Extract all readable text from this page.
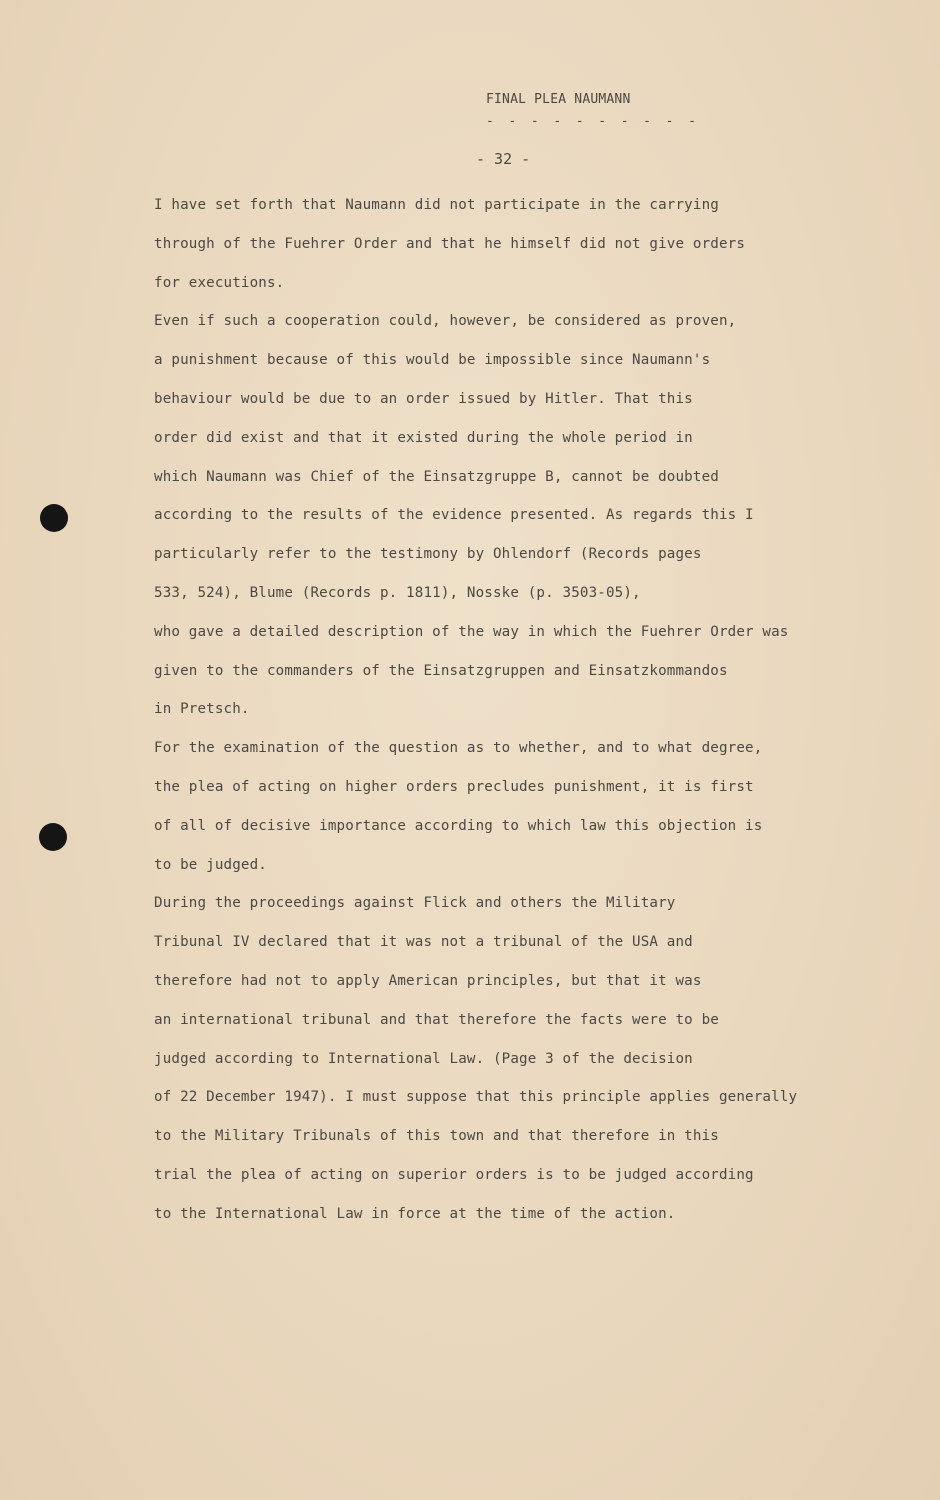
FINAL PLEA NAUMANN
- - - - - - - - - -
- 32 -
I have set forth that Naumann did not participate in the carrying
through of the Fuehrer Order and that he himself did not give orders
for executions.
Even if such a cooperation could, however, be considered as proven,
a punishment because of this would be impossible since Naumann's
behaviour would be due to an order issued by Hitler. That this
order did exist and that it existed during the whole period in
which Naumann was Chief of the Einsatzgruppe B, cannot be doubted
according to the results of the evidence presented. As regards this I
particularly refer to the testimony by Ohlendorf (Records pages
533, 524), Blume (Records p. 1811), Nosske (p. 3503-05),
who gave a detailed description of the way in which the Fuehrer Order was
given to the commanders of the Einsatzgruppen and Einsatzkommandos
in Pretsch.
For the examination of the question as to whether, and to what degree,
the plea of acting on higher orders precludes punishment, it is first
of all of decisive importance according to which law this objection is
to be judged.
During the proceedings against Flick and others the Military
Tribunal IV declared that it was not a tribunal of the USA and
therefore had not to apply American principles, but that it was
an international tribunal and that therefore the facts were to be
judged according to International Law. (Page 3 of the decision
of 22 December 1947). I must suppose that this principle applies generally
to the Military Tribunals of this town and that therefore in this
trial the plea of acting on superior orders is to be judged according
to the International Law in force at the time of the action.
